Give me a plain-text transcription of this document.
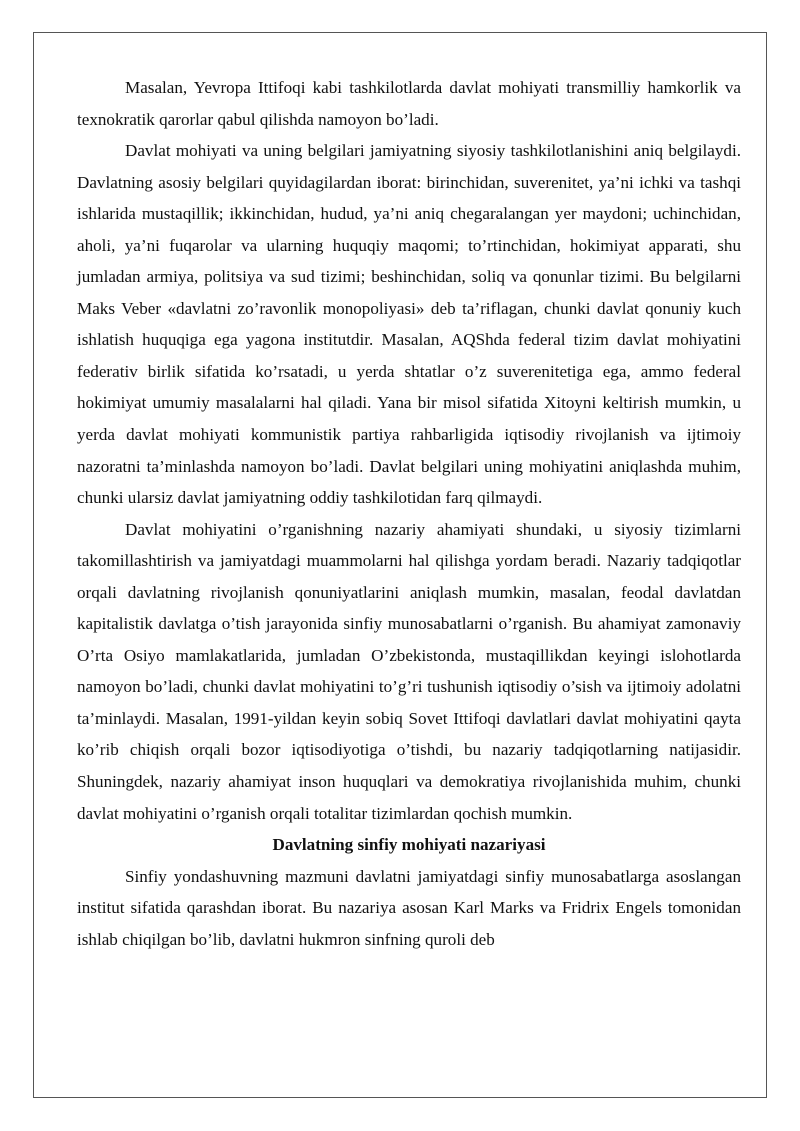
Masalan, Yevropa Ittifoqi kabi tashkilotlarda davlat mohiyati transmilliy hamkorlik va texnokratik qarorlar qabul qilishda namoyon bo’ladi.

Davlat mohiyati va uning belgilari jamiyatning siyosiy tashkilotlanishini aniq belgilaydi. Davlatning asosiy belgilari quyidagilardan iborat: birinchidan, suverenitet, ya’ni ichki va tashqi ishlarida mustaqillik; ikkinchidan, hudud, ya’ni aniq chegaralangan yer maydoni; uchinchidan, aholi, ya’ni fuqarolar va ularning huquqiy maqomi; to’rtinchidan, hokimiyat apparati, shu jumladan armiya, politsiya va sud tizimi; beshinchidan, soliq va qonunlar tizimi. Bu belgilarni Maks Veber «davlatni zo’ravonlik monopoliyasi» deb ta’riflagan, chunki davlat qonuniy kuch ishlatish huquqiga ega yagona institutdir. Masalan, AQShda federal tizim davlat mohiyatini federativ birlik sifatida ko’rsatadi, u yerda shtatlar o’z suverenitetiga ega, ammo federal hokimiyat umumiy masalalarni hal qiladi. Yana bir misol sifatida Xitoyni keltirish mumkin, u yerda davlat mohiyati kommunistik partiya rahbarligida iqtisodiy rivojlanish va ijtimoiy nazoratni ta’minlashda namoyon bo’ladi. Davlat belgilari uning mohiyatini aniqlashda muhim, chunki ularsiz davlat jamiyatning oddiy tashkilotidan farq qilmaydi.

Davlat mohiyatini o’rganishning nazariy ahamiyati shundaki, u siyosiy tizimlarni takomillashtirish va jamiyatdagi muammolarni hal qilishga yordam beradi. Nazariy tadqiqotlar orqali davlatning rivojlanish qonuniyatlarini aniqlash mumkin, masalan, feodal davlatdan kapitalistik davlatga o’tish jarayonida sinfiy munosabatlarni o’rganish. Bu ahamiyat zamonaviy O’rta Osiyo mamlakatlarida, jumladan O’zbekistonda, mustaqillikdan keyingi islohotlarda namoyon bo’ladi, chunki davlat mohiyatini to’g’ri tushunish iqtisodiy o’sish va ijtimoiy adolatni ta’minlaydi. Masalan, 1991-yildan keyin sobiq Sovet Ittifoqi davlatlari davlat mohiyatini qayta ko’rib chiqish orqali bozor iqtisodiyotiga o’tishdi, bu nazariy tadqiqotlarning natijasidir. Shuningdek, nazariy ahamiyat inson huquqlari va demokratiya rivojlanishida muhim, chunki davlat mohiyatini o’rganish orqali totalitar tizimlardan qochish mumkin.

Davlatning sinfiy mohiyati nazariyasi

Sinfiy yondashuvning mazmuni davlatni jamiyatdagi sinfiy munosabatlarga asoslangan institut sifatida qarashdan iborat. Bu nazariya asosan Karl Marks va Fridrix Engels tomonidan ishlab chiqilgan bo’lib, davlatni hukmron sinfning quroli deb
